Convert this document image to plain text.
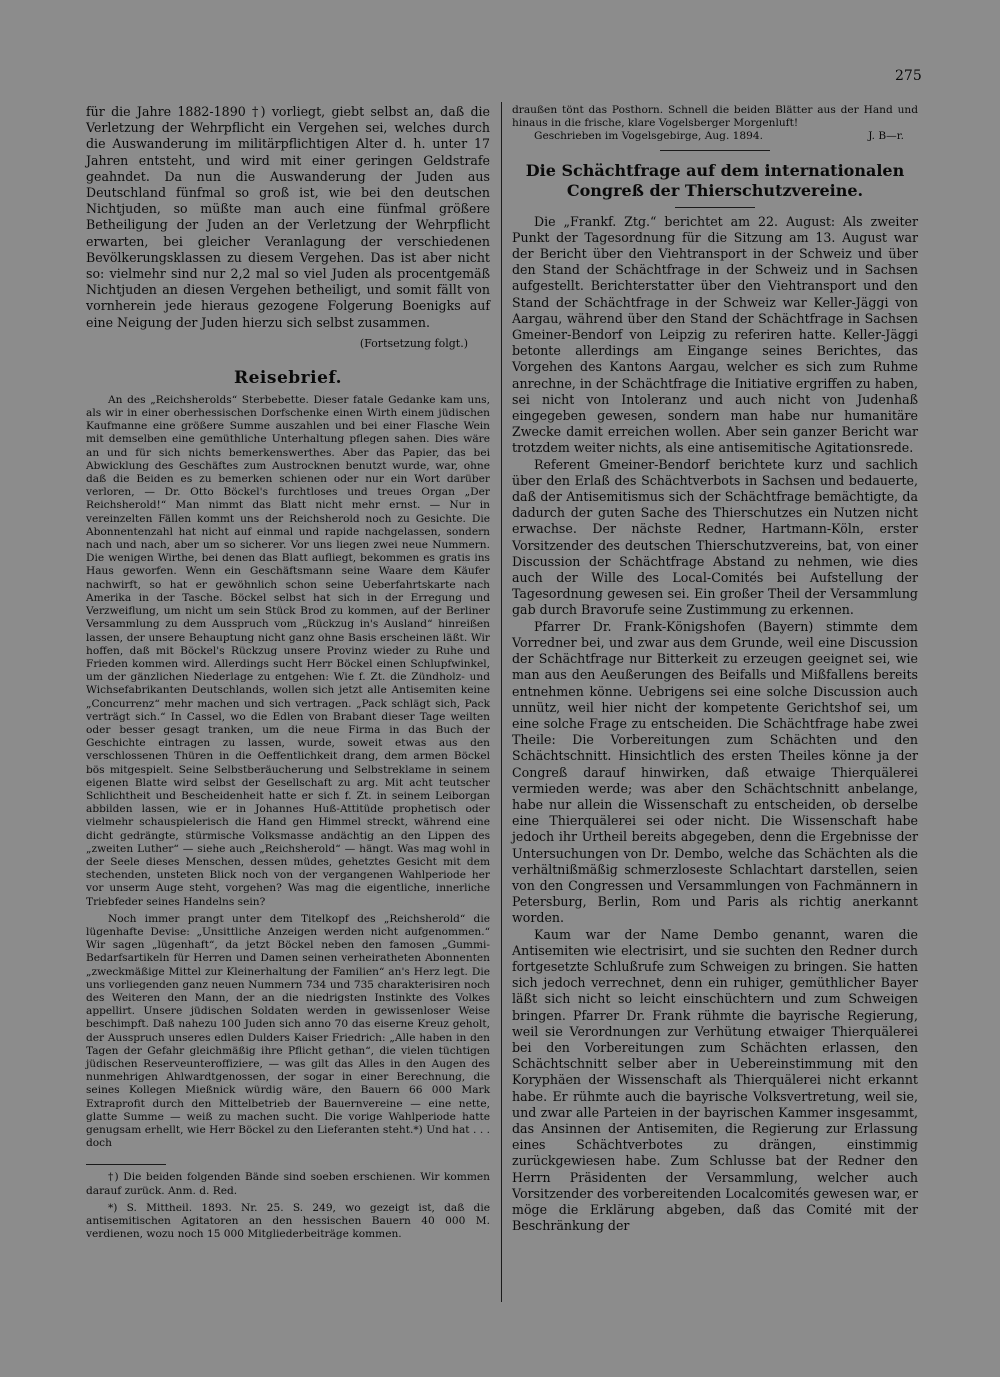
275

für die Jahre 1882-1890 †) vorliegt, giebt selbst an, daß die Verletzung der Wehrpflicht ein Vergehen sei, welches durch die Auswanderung im militärpflichtigen Alter d. h. unter 17 Jahren entsteht, und wird mit einer geringen Geldstrafe geahndet. Da nun die Auswanderung der Juden aus Deutschland fünfmal so groß ist, wie bei den deutschen Nichtjuden, so müßte man auch eine fünfmal größere Betheiligung der Juden an der Verletzung der Wehrpflicht erwarten, bei gleicher Veranlagung der verschiedenen Bevölkerungsklassen zu diesem Vergehen. Das ist aber nicht so: vielmehr sind nur 2,2 mal so viel Juden als procentgemäß Nichtjuden an diesen Vergehen betheiligt, und somit fällt von vornherein jede hieraus gezogene Folgerung Boenigks auf eine Neigung der Juden hierzu sich selbst zusammen.

(Fortsetzung folgt.)
Reisebrief.

An des „Reichsherolds“ Sterbebette. Dieser fatale Gedanke kam uns, als wir in einer oberhessischen Dorfschenke einen Wirth einem jüdischen Kaufmanne eine größere Summe auszahlen und bei einer Flasche Wein mit demselben eine gemüthliche Unterhaltung pflegen sahen. Dies wäre an und für sich nichts bemerkenswerthes. Aber das Papier, das bei Abwicklung des Geschäftes zum Austrocknen benutzt wurde, war, ohne daß die Beiden es zu bemerken schienen oder nur ein Wort darüber verloren, — Dr. Otto Böckel's furchtloses und treues Organ „Der Reichsherold!“ Man nimmt das Blatt nicht mehr ernst. — Nur in vereinzelten Fällen kommt uns der Reichsherold noch zu Gesichte. Die Abonnentenzahl hat nicht auf einmal und rapide nachgelassen, sondern nach und nach, aber um so sicherer. Vor uns liegen zwei neue Nummern. Die wenigen Wirthe, bei denen das Blatt aufliegt, bekommen es gratis ins Haus geworfen. Wenn ein Geschäftsmann seine Waare dem Käufer nachwirft, so hat er gewöhnlich schon seine Ueberfahrtskarte nach Amerika in der Tasche. Böckel selbst hat sich in der Erregung und Verzweiflung, um nicht um sein Stück Brod zu kommen, auf der Berliner Versammlung zu dem Ausspruch vom „Rückzug in's Ausland“ hinreißen lassen, der unsere Behauptung nicht ganz ohne Basis erscheinen läßt. Wir hoffen, daß mit Böckel's Rückzug unsere Provinz wieder zu Ruhe und Frieden kommen wird. Allerdings sucht Herr Böckel einen Schlupfwinkel, um der gänzlichen Niederlage zu entgehen: Wie f. Zt. die Zündholz- und Wichsefabrikanten Deutschlands, wollen sich jetzt alle Antisemiten keine „Concurrenz“ mehr machen und sich vertragen. „Pack schlägt sich, Pack verträgt sich.“ In Cassel, wo die Edlen von Brabant dieser Tage weilten oder besser gesagt tranken, um die neue Firma in das Buch der Geschichte eintragen zu lassen, wurde, soweit etwas aus den verschlossenen Thüren in die Oeffentlichkeit drang, dem armen Böckel bös mitgespielt. Seine Selbstberäucherung und Selbstreklame in seinem eigenen Blatte wird selbst der Gesellschaft zu arg. Mit acht teutscher Schlichtheit und Bescheidenheit hatte er sich f. Zt. in seinem Leiborgan abbilden lassen, wie er in Johannes Huß-Attitüde prophetisch oder vielmehr schauspielerisch die Hand gen Himmel streckt, während eine dicht gedrängte, stürmische Volksmasse andächtig an den Lippen des „zweiten Luther“ — siehe auch „Reichsherold“ — hängt. Was mag wohl in der Seele dieses Menschen, dessen müdes, gehetztes Gesicht mit dem stechenden, unsteten Blick noch von der vergangenen Wahlperiode her vor unserm Auge steht, vorgehen? Was mag die eigentliche, innerliche Triebfeder seines Handelns sein?

Noch immer prangt unter dem Titelkopf des „Reichsherold“ die lügenhafte Devise: „Unsittliche Anzeigen werden nicht aufgenommen.“ Wir sagen „lügenhaft“, da jetzt Böckel neben den famosen „Gummi-Bedarfsartikeln für Herren und Damen seinen verheiratheten Abonnenten „zweckmäßige Mittel zur Kleinerhaltung der Familien“ an's Herz legt. Die uns vorliegenden ganz neuen Nummern 734 und 735 charakterisiren noch des Weiteren den Mann, der an die niedrigsten Instinkte des Volkes appellirt. Unsere jüdischen Soldaten werden in gewissenloser Weise beschimpft. Daß nahezu 100 Juden sich anno 70 das eiserne Kreuz geholt, der Ausspruch unseres edlen Dulders Kaiser Friedrich: „Alle haben in den Tagen der Gefahr gleichmäßig ihre Pflicht gethan“, die vielen tüchtigen jüdischen Reserveunteroffiziere, — was gilt das Alles in den Augen des nunmehrigen Ahlwardtgenossen, der sogar in einer Berechnung, die seines Kollegen Mießnick würdig wäre, den Bauern 66 000 Mark Extraprofit durch den Mittelbetrieb der Bauernvereine — eine nette, glatte Summe — weiß zu machen sucht. Die vorige Wahlperiode hatte genugsam erhellt, wie Herr Böckel zu den Lieferanten steht.*) Und hat . . . doch

†) Die beiden folgenden Bände sind soeben erschienen. Wir kommen darauf zurück. Anm. d. Red.

*) S. Mittheil. 1893. Nr. 25. S. 249, wo gezeigt ist, daß die antisemitischen Agitatoren an den hessischen Bauern 40 000 M. verdienen, wozu noch 15 000 Mitgliederbeiträge kommen.

draußen tönt das Posthorn. Schnell die beiden Blätter aus der Hand und hinaus in die frische, klare Vogelsberger Morgenluft!

Geschrieben im Vogelsgebirge, Aug. 1894.	J. B—r.
Die Schächtfrage auf dem internationalen Congreß der Thierschutzvereine.

Die „Frankf. Ztg.“ berichtet am 22. August: Als zweiter Punkt der Tagesordnung für die Sitzung am 13. August war der Bericht über den Viehtransport in der Schweiz und über den Stand der Schächtfrage in der Schweiz und in Sachsen aufgestellt. Berichterstatter über den Viehtransport und den Stand der Schächtfrage in der Schweiz war Keller-Jäggi von Aargau, während über den Stand der Schächtfrage in Sachsen Gmeiner-Bendorf von Leipzig zu referiren hatte. Keller-Jäggi betonte allerdings am Eingange seines Berichtes, das Vorgehen des Kantons Aargau, welcher es sich zum Ruhme anrechne, in der Schächtfrage die Initiative ergriffen zu haben, sei nicht von Intoleranz und auch nicht von Judenhaß eingegeben gewesen, sondern man habe nur humanitäre Zwecke damit erreichen wollen. Aber sein ganzer Bericht war trotzdem weiter nichts, als eine antisemitische Agitationsrede.

Referent Gmeiner-Bendorf berichtete kurz und sachlich über den Erlaß des Schächtverbots in Sachsen und bedauerte, daß der Antisemitismus sich der Schächtfrage bemächtigte, da dadurch der guten Sache des Thierschutzes ein Nutzen nicht erwachse. Der nächste Redner, Hartmann-Köln, erster Vorsitzender des deutschen Thierschutzvereins, bat, von einer Discussion der Schächtfrage Abstand zu nehmen, wie dies auch der Wille des Local-Comités bei Aufstellung der Tagesordnung gewesen sei. Ein großer Theil der Versammlung gab durch Bravorufe seine Zustimmung zu erkennen.

Pfarrer Dr. Frank-Königshofen (Bayern) stimmte dem Vorredner bei, und zwar aus dem Grunde, weil eine Discussion der Schächtfrage nur Bitterkeit zu erzeugen geeignet sei, wie man aus den Aeußerungen des Beifalls und Mißfallens bereits entnehmen könne. Uebrigens sei eine solche Discussion auch unnütz, weil hier nicht der kompetente Gerichtshof sei, um eine solche Frage zu entscheiden. Die Schächtfrage habe zwei Theile: Die Vorbereitungen zum Schächten und den Schächtschnitt. Hinsichtlich des ersten Theiles könne ja der Congreß darauf hinwirken, daß etwaige Thierquälerei vermieden werde; was aber den Schächtschnitt anbelange, habe nur allein die Wissenschaft zu entscheiden, ob derselbe eine Thierquälerei sei oder nicht. Die Wissenschaft habe jedoch ihr Urtheil bereits abgegeben, denn die Ergebnisse der Untersuchungen von Dr. Dembo, welche das Schächten als die verhältnißmäßig schmerzloseste Schlachtart darstellen, seien von den Congressen und Versammlungen von Fachmännern in Petersburg, Berlin, Rom und Paris als richtig anerkannt worden.

Kaum war der Name Dembo genannt, waren die Antisemiten wie electrisirt, und sie suchten den Redner durch fortgesetzte Schlußrufe zum Schweigen zu bringen. Sie hatten sich jedoch verrechnet, denn ein ruhiger, gemüthlicher Bayer läßt sich nicht so leicht einschüchtern und zum Schweigen bringen. Pfarrer Dr. Frank rühmte die bayrische Regierung, weil sie Verordnungen zur Verhütung etwaiger Thierquälerei bei den Vorbereitungen zum Schächten erlassen, den Schächtschnitt selber aber in Uebereinstimmung mit den Koryphäen der Wissenschaft als Thierquälerei nicht erkannt habe. Er rühmte auch die bayrische Volksvertretung, weil sie, und zwar alle Parteien in der bayrischen Kammer insgesammt, das Ansinnen der Antisemiten, die Regierung zur Erlassung eines Schächtverbotes zu drängen, einstimmig zurückgewiesen habe. Zum Schlusse bat der Redner den Herrn Präsidenten der Versammlung, welcher auch Vorsitzender des vorbereitenden Localcomités gewesen war, er möge die Erklärung abgeben, daß das Comité mit der Beschränkung der
